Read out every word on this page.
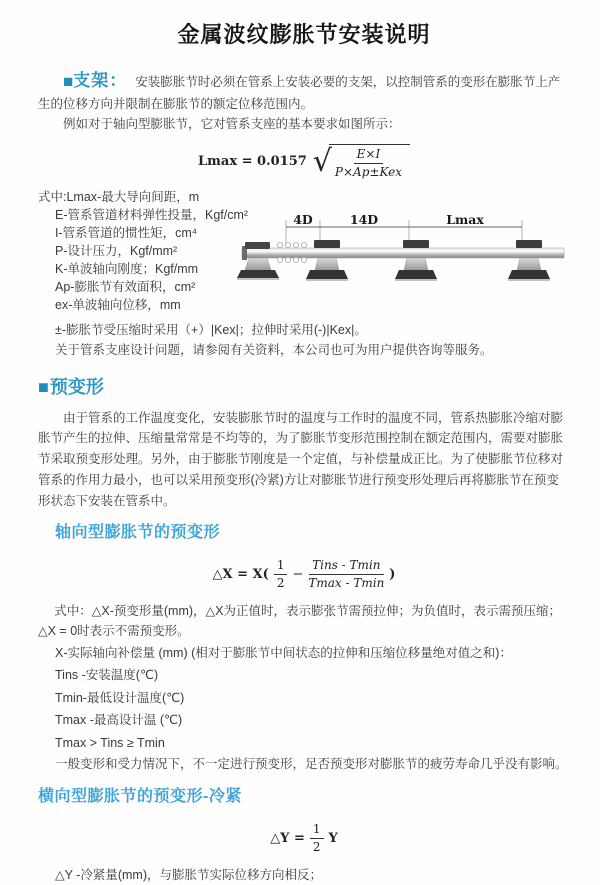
金属波纹膨胀节安装说明

■支架： 安装膨胀节时必须在管系上安装必要的支架，以控制管系的变形在膨胀节上产生的位移方向并限制在膨胀节的额定位移范围内。

例如对于轴向型膨胀节，它对管系支座的基本要求如图所示：

Lmax = 0.0157 √ $\frac{E\times I}{\text{P×Ap±Kex}}$
式中:Lmax-最大导向间距，m
E-管系管道材料弹性投量，Kgf/cm²
I-管系管道的惯性矩，cm⁴
P-设计压力，Kgf/mm²
K-单波轴向刚度；Kgf/mm
Ap-膨胀节有效面积，cm²
ex-单波轴向位移，mm
4D	14D	Lmax

±-膨胀节受压缩时采用（+）|Kex|；拉伸时采用(-)|Kex|。

关于管系支座设计问题，请参阅有关资料，本公司也可为用户提供咨询等服务。

■预变形

由于管系的工作温度变化，安装膨胀节时的温度与工作时的温度不同，管系热膨胀冷缩对膨胀节产生的拉伸、压缩量常常是不均等的，为了膨胀节变形范围控制在额定范围内，需要对膨胀节采取预变形处理。另外，由于膨胀节刚度是一个定值，与补偿量成正比。为了使膨胀节位移对管系的作用力最小，也可以采用预变形(冷紧)方让对膨胀节进行预变形处理后再将膨胀节在预变形状态下安装在管系中。

轴向型膨胀节的预变形
△X = $X( \frac{1}{2} - \frac{\text{Tins - Tmin}}{Tmax - Tmin}$ )

式中：△X-预变形量(mm)，△X为正值时，表示膨张节需预拉伸；为负值时，表示需预压缩；△X = 0时表示不需预变形。

X-实际轴向补偿量 (mm) (相对于膨胀节中间状态的拉伸和压缩位移量绝对值之和)：
Tins -安装温度(℃)
Tmin-最低设计温度(℃)
Tmax -最高设计温 (℃)
Tmax > Tins ≥ Tmin

一般变形和受力情况下，不一定进行预变形，足否预变形对膨胀节的疲劳寿命几乎没有影响。

横向型膨胀节的预变形-冷紧
△Y = $\frac{1}{2}$ Y

△Y -冷紧量(mm)，与膨胀节实际位移方向相反；
